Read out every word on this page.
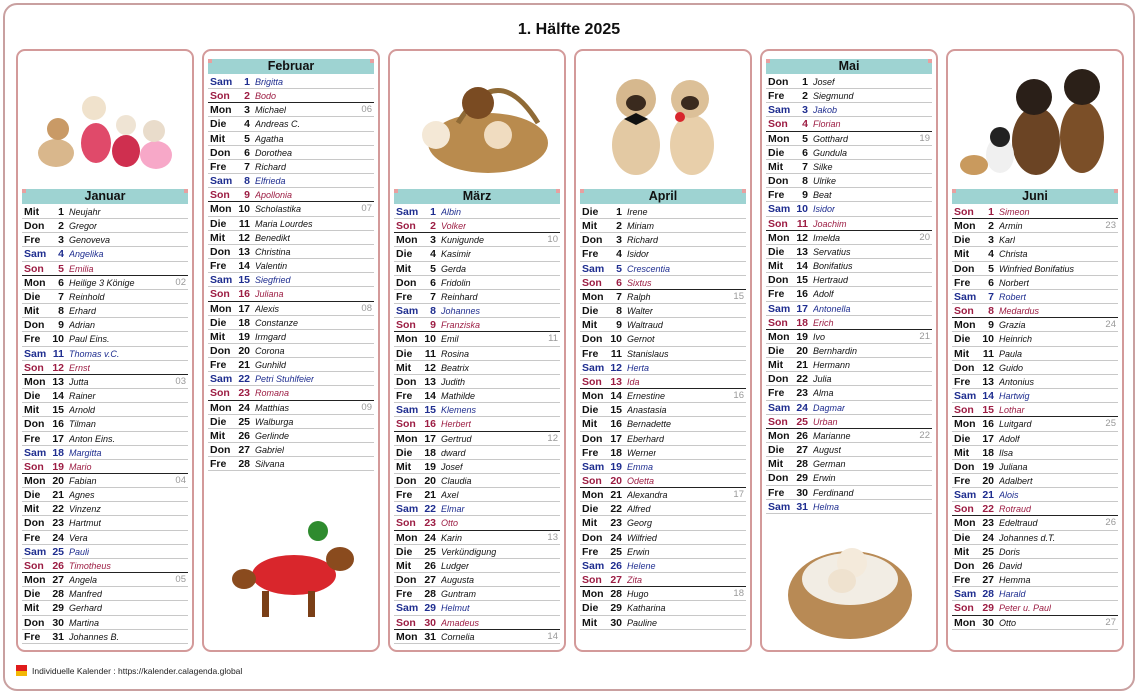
1. Hälfte 2025
Januar
Mit	1 Neujahr
Don	2 Gregor
Fre	3 Genoveva
Sam	4 Angelika
Son	5 Emilia
Mon	6 Heilige 3 Könige	02
Die	7 Reinhold
Mit	8 Erhard
Don	9 Adrian
Fre	10 Paul Eins.
Sam 11 Thomas v.C.
Son 12 Ernst
Mon 13 Jutta	03
Die	14 Rainer
Mit	15 Arnold
Don 16 Tilman
Fre	17 Anton Eins.
Sam 18 Margitta
Son 19 Mario
Mon 20 Fabian	04
Die	21 Agnes
Mit	22 Vinzenz
Don 23 Hartmut
Fre	24 Vera
Sam 25 Pauli
Son 26 Timotheus
Mon 27 Angela	05
Die	28 Manfred
Mit	29 Gerhard
Don 30 Martina
Fre	31 Johannes B.
Februar
Sam	1 Brigitta
Son	2 Bodo
Mon	3 Michael	06
Die	4 Andreas C.
Mit	5 Agatha
Don	6 Dorothea
Fre	7 Richard
Sam	8 Elfrieda
Son	9 Apollonia
Mon 10 Scholastika	07
Die	11 Maria Lourdes
Mit	12 Benedikt
Don 13 Christina
Fre	14 Valentin
Sam 15 Siegfried
Son 16 Juliana
Mon 17 Alexis	08
Die	18 Constanze
Mit	19 Irmgard
Don 20 Corona
Fre	21 Gunhild
Sam 22 Petri Stuhlfeier
Son 23 Romana
Mon 24 Matthias	09
Die	25 Walburga
Mit	26 Gerlinde
Don 27 Gabriel
Fre	28 Silvana
März
Sam	1 Albin
Son	2 Volker
Mon	3 Kunigunde	10
Die	4 Kasimir
Mit	5 Gerda
Don	6 Fridolin
Fre	7 Reinhard
Sam	8 Johannes
Son	9 Franziska
Mon 10 Emil	11
Die	11 Rosina
Mit	12 Beatrix
Don 13 Judith
Fre	14 Mathilde
Sam 15 Klemens
Son 16 Herbert
Mon 17 Gertrud	12
Die	18 dward
Mit	19 Josef
Don 20 Claudia
Fre	21 Axel
Sam 22 Elmar
Son 23 Otto
Mon 24 Karin	13
Die	25 Verkündigung
Mit	26 Ludger
Don 27 Augusta
Fre	28 Guntram
Sam 29 Helmut
Son 30 Amadeus
Mon 31 Cornelia	14
April
Die	1 Irene
Mit	2 Miriam
Don	3 Richard
Fre	4 Isidor
Sam	5 Crescentia
Son	6 Sixtus
Mon	7 Ralph	15
Die	8 Walter
Mit	9 Waltraud
Don 10 Gernot
Fre	11 Stanislaus
Sam 12 Herta
Son 13 Ida
Mon 14 Ernestine	16
Die	15 Anastasia
Mit	16 Bernadette
Don 17 Eberhard
Fre	18 Werner
Sam 19 Emma
Son 20 Odetta
Mon 21 Alexandra	17
Die	22 Alfred
Mit	23 Georg
Don 24 Wilfried
Fre	25 Erwin
Sam 26 Helene
Son 27 Zita
Mon 28 Hugo	18
Die	29 Katharina
Mit	30 Pauline
Mai
Don	1 Josef
Fre	2 Siegmund
Sam	3 Jakob
Son	4 Florian
Mon	5 Gotthard	19
Die	6 Gundula
Mit	7 Silke
Don	8 Ulrike
Fre	9 Beat
Sam 10 Isidor
Son 11 Joachim
Mon 12 Imelda	20
Die	13 Servatius
Mit	14 Bonifatius
Don 15 Hertraud
Fre	16 Adolf
Sam 17 Antonella
Son 18 Erich
Mon 19 Ivo	21
Die	20 Bernhardin
Mit	21 Hermann
Don 22 Julia
Fre	23 Alma
Sam 24 Dagmar
Son 25 Urban
Mon 26 Marianne	22
Die	27 August
Mit	28 German
Don 29 Erwin
Fre	30 Ferdinand
Sam 31 Helma
Juni
Son	1 Simeon
Mon	2 Armin	23
Die	3 Karl
Mit	4 Christa
Don	5 Winfried Bonifatius
Fre	6 Norbert
Sam	7 Robert
Son	8 Medardus
Mon	9 Grazia	24
Die	10 Heinrich
Mit	11 Paula
Don 12 Guido
Fre	13 Antonius
Sam 14 Hartwig
Son 15 Lothar
Mon 16 Luitgard	25
Die	17 Adolf
Mit	18 Ilsa
Don 19 Juliana
Fre	20 Adalbert
Sam 21 Alois
Son 22 Rotraud
Mon 23 Edeltraud	26
Die	24 Johannes d.T.
Mit	25 Doris
Don 26 David
Fre	27 Hemma
Sam 28 Harald
Son 29 Peter u. Paul
Mon 30 Otto	27
Individuelle Kalender : https://kalender.calagenda.global
